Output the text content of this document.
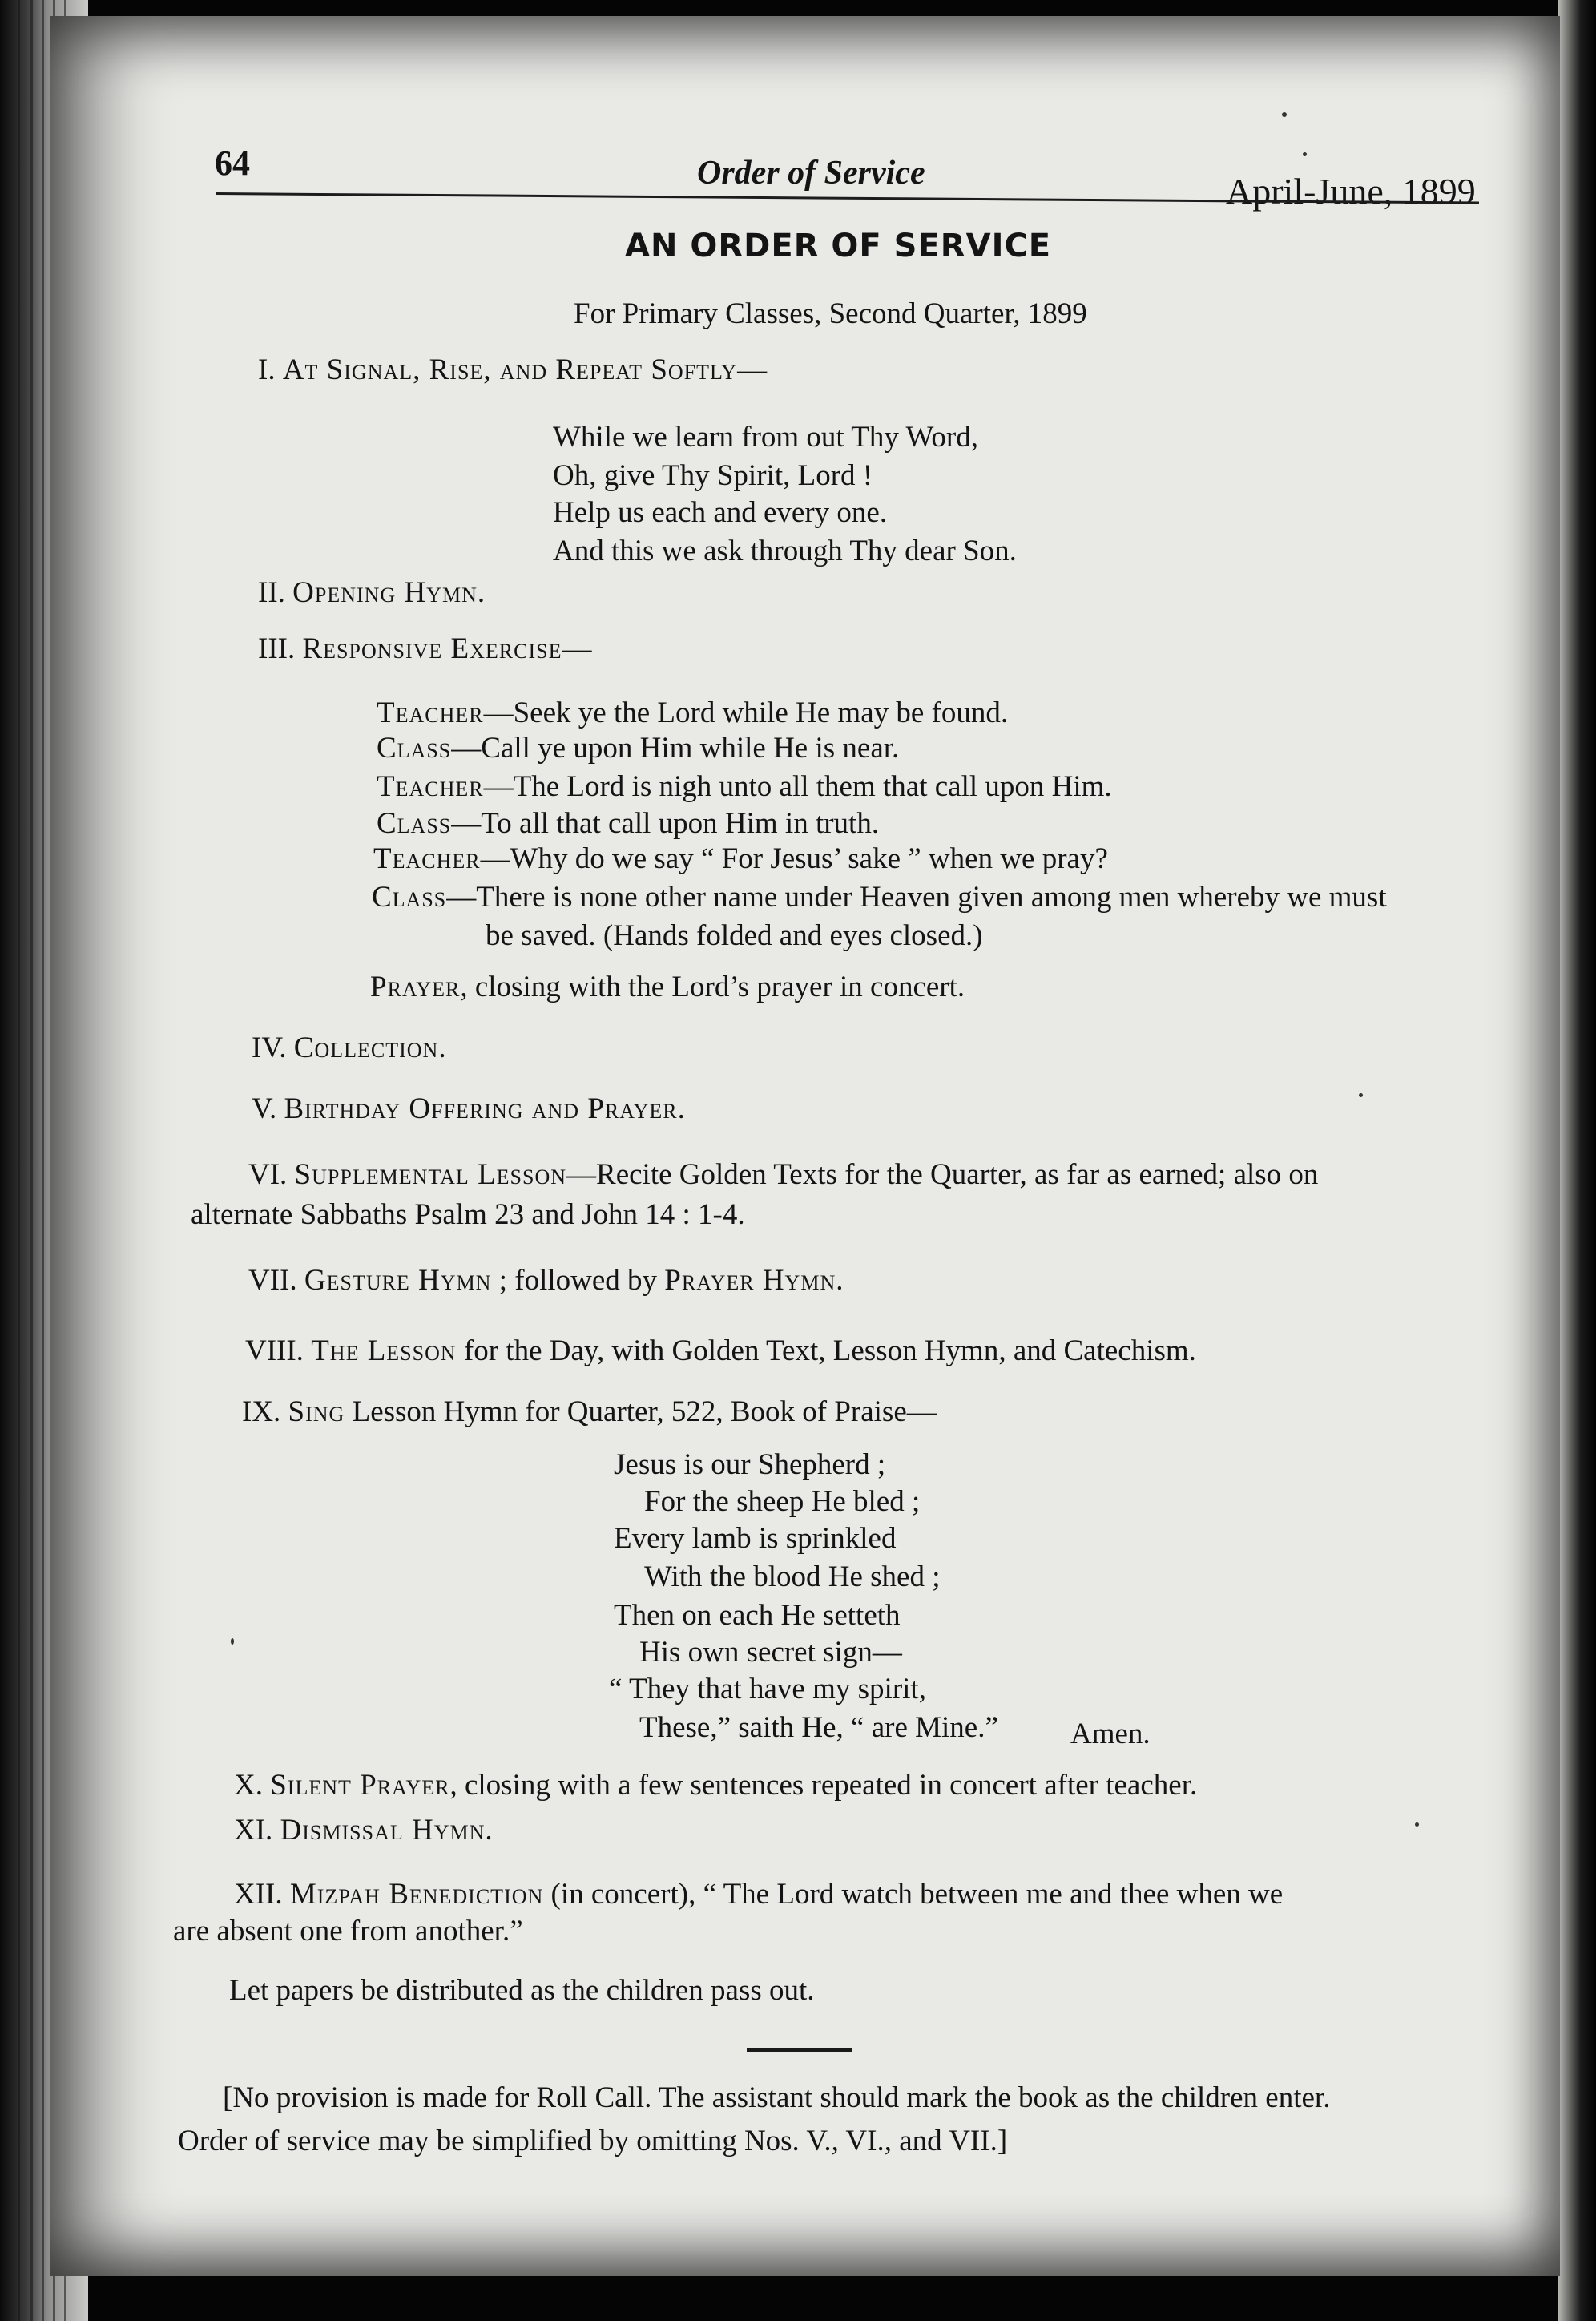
64	Order of Service	April-June, 1899
AN ORDER OF SERVICE
For Primary Classes, Second Quarter, 1899
I. At Signal, Rise, and Repeat Softly—
While we learn from out Thy Word,
Oh, give Thy Spirit, Lord !
Help us each and every one.
And this we ask through Thy dear Son.
II. Opening Hymn.
III. Responsive Exercise—
Teacher—Seek ye the Lord while He may be found.
Class—Call ye upon Him while He is near.
Teacher—The Lord is nigh unto all them that call upon Him.
Class—To all that call upon Him in truth.
Teacher—Why do we say “ For Jesus’ sake ” when we pray?
Class—There is none other name under Heaven given among men whereby we must
be saved. (Hands folded and eyes closed.)
Prayer, closing with the Lord’s prayer in concert.
IV. Collection.
V. Birthday Offering and Prayer.
VI. Supplemental Lesson—Recite Golden Texts for the Quarter, as far as earned; also on
alternate Sabbaths Psalm 23 and John 14 : 1-4.
VII. Gesture Hymn ; followed by Prayer Hymn.
VIII. The Lesson for the Day, with Golden Text, Lesson Hymn, and Catechism.
IX. Sing Lesson Hymn for Quarter, 522, Book of Praise—
Jesus is our Shepherd ;
For the sheep He bled ;
Every lamb is sprinkled
With the blood He shed ;
Then on each He setteth
His own secret sign—
“ They that have my spirit,
These,” saith He, “ are Mine.” Amen.
X. Silent Prayer, closing with a few sentences repeated in concert after teacher.
XI. Dismissal Hymn.
XII. Mizpah Benediction (in concert), “ The Lord watch between me and thee when we
are absent one from another.”
Let papers be distributed as the children pass out.
[No provision is made for Roll Call. The assistant should mark the book as the children enter.
Order of service may be simplified by omitting Nos. V., VI., and VII.]
